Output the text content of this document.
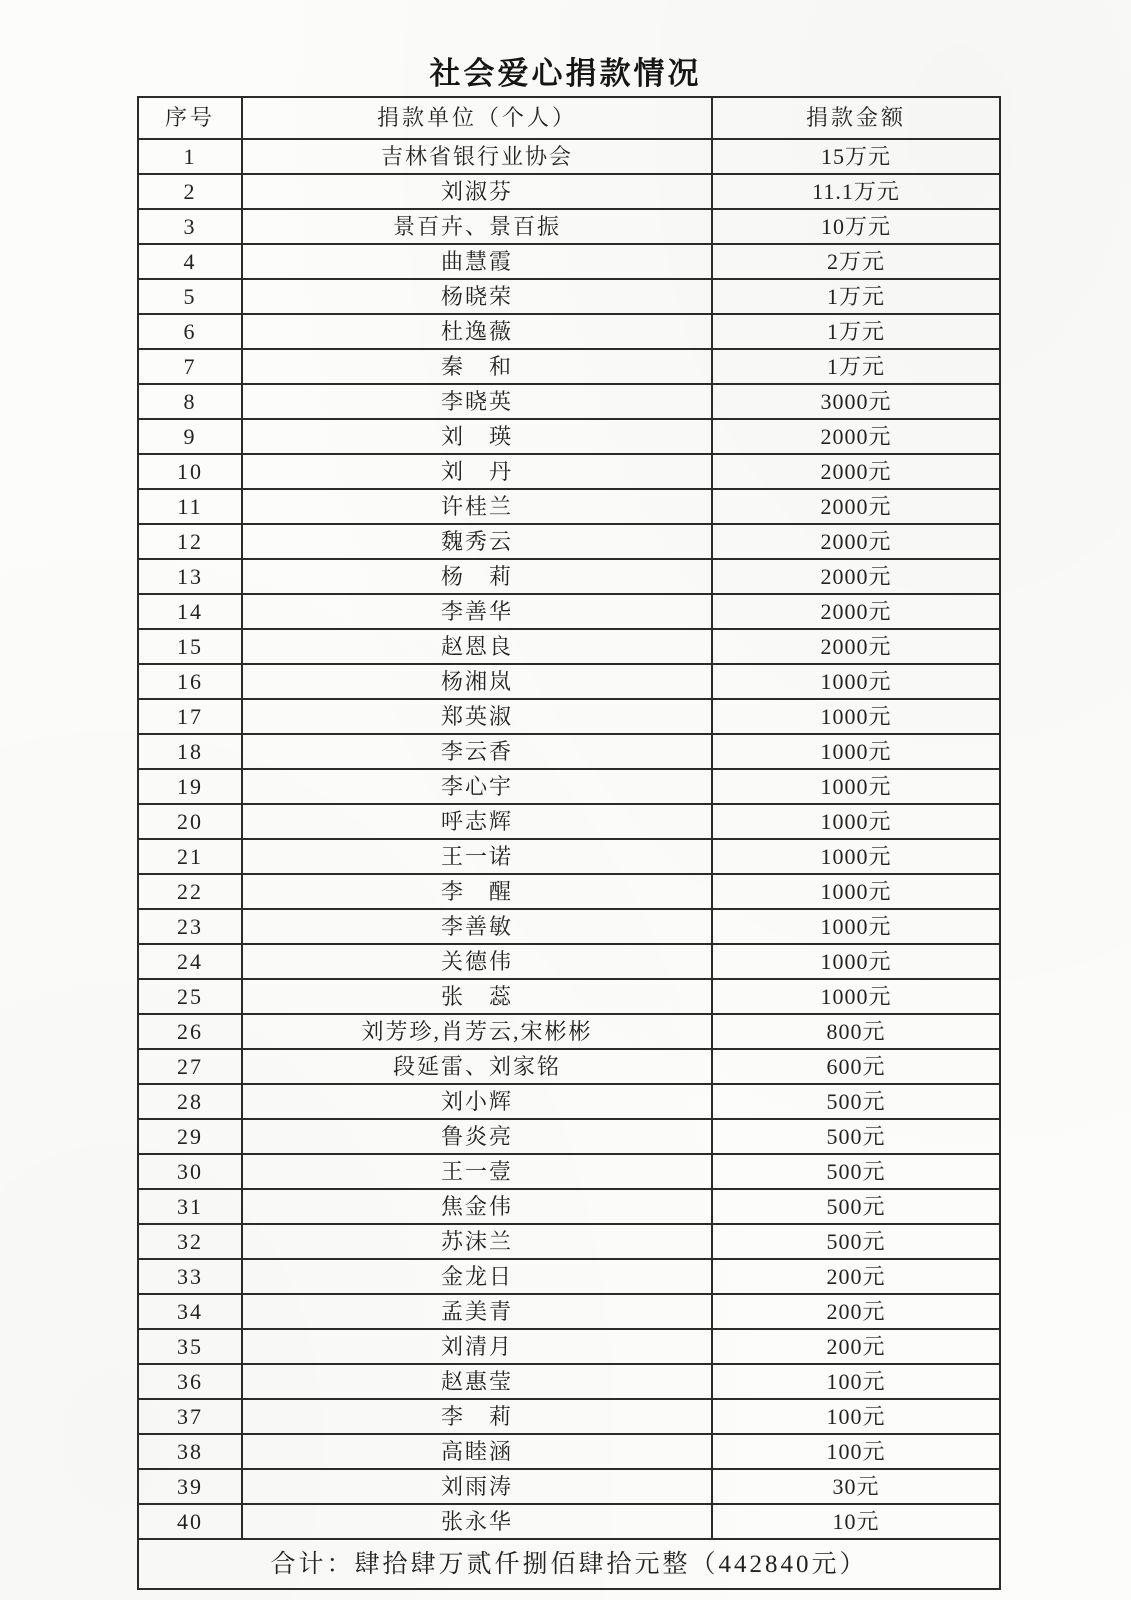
社会爱心捐款情况
序号	捐款单位（个人）	捐款金额
1	吉林省银行业协会	15万元
2	刘淑芬	11.1万元
3	景百卉、景百振	10万元
4	曲慧霞	2万元
5	杨晓荣	1万元
6	杜逸薇	1万元
7	秦　和	1万元
8	李晓英	3000元
9	刘　瑛	2000元
10	刘　丹	2000元
11	许桂兰	2000元
12	魏秀云	2000元
13	杨　莉	2000元
14	李善华	2000元
15	赵恩良	2000元
16	杨湘岚	1000元
17	郑英淑	1000元
18	李云香	1000元
19	李心宇	1000元
20	呼志辉	1000元
21	王一诺	1000元
22	李　醒	1000元
23	李善敏	1000元
24	关德伟	1000元
25	张　蕊	1000元
26	刘芳珍,肖芳云,宋彬彬	800元
27	段延雷、刘家铭	600元
28	刘小辉	500元
29	鲁炎亮	500元
30	王一壹	500元
31	焦金伟	500元
32	苏沫兰	500元
33	金龙日	200元
34	孟美青	200元
35	刘清月	200元
36	赵惠莹	100元
37	李　莉	100元
38	高睦涵	100元
39	刘雨涛	30元
40	张永华	10元
合计：肆拾肆万贰仟捌佰肆拾元整（442840元）		
